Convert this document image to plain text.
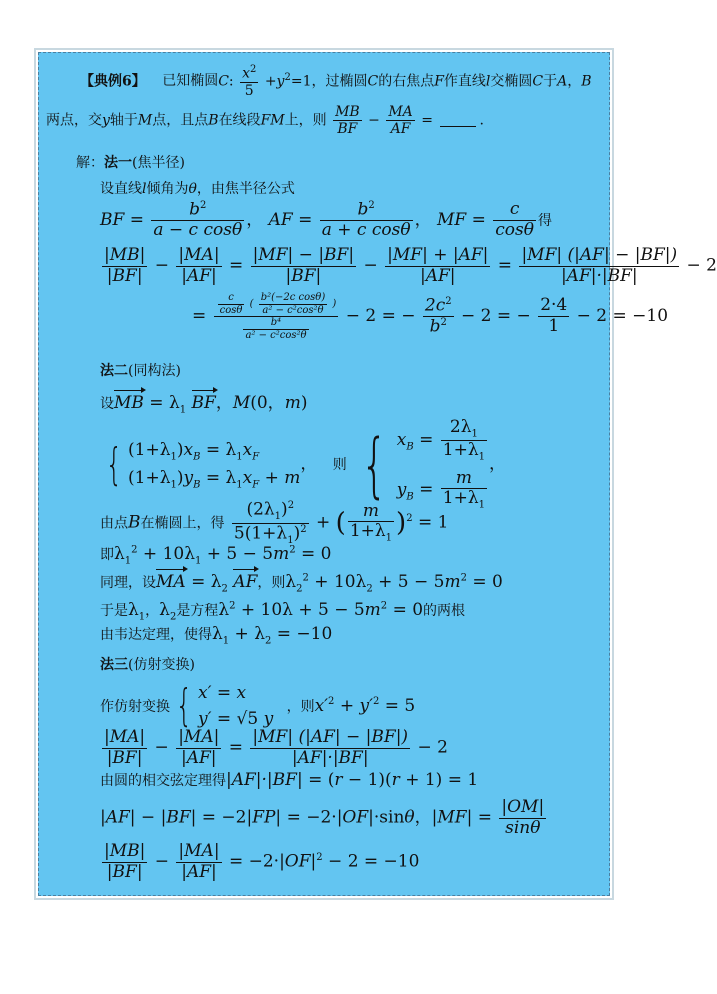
【典例6】 已知椭圆C: $\frac{x^2}{5} +y^2=1$，过椭圆C的右焦点F作直线l交椭圆C于A，B
两点，交y轴于M点，且点B在线段FM上，则 $\frac{MB}{BF} - \frac{MA}{AF}$ =	.
解：法一(焦半径)
设直线l倾角为θ，由焦半径公式
BF = $\frac{b^2}{\text{a − c cosθ}}$ ， AF = $\frac{b^2}{\text{a + c cosθ}}$ ， MF = $\frac{c}{\cos\theta}$ 得
$\frac{|MB|}{|BF|} - \frac{|MA|}{|AF|} = \frac{|MF| - |BF|}{|BF|} - \frac{|MF| + |AF|}{|AF|} = \frac{|MF| (|AF| - |BF|)}{|AF|\cdot|BF|} - 2$
= $\frac{\frac{c}{\cos\theta} ( \frac{\text{b²(−2c cosθ)}}{\text{a² − c²cos²θ}} )}{\frac{\text{b⁴}}{\text{a² − c²cos²θ}}} - 2$ = − $\frac{2c^2}{b^2} - 2$ = − $\frac{2\cdot 4}{1} - 2 = -10$
法二(同构法)
设MB = $\lambda_1$ BF，M(0，m)
{ $(1+\lambda_1)x_B = \lambda_1x_F$
$(1+\lambda_1)y_B = \lambda_1x_F + m$
， 则 { $x_B = \frac{2\lambda_1}{1+\lambda_1}$
$y_B = \frac{m}{1+\lambda_1}$
，
由点B在椭圆上，得 $\frac{(2\lambda_1)^2}{5(1+\lambda_1)^2}$ + ( $\frac{m}{1+\lambda_1} )^2 = 1$
即$\lambda_1^2 + 10\lambda_1 + 5 - 5m^2 = 0$
同理，设MA = $\lambda_2$ AF，则$\lambda_2^2 + 10\lambda_2 + 5 - 5m^2 = 0$
于是$\lambda_1$，$\lambda_2$是方程$\lambda^2 + 10\lambda + 5 - 5m^2 = 0$的两根
由韦达定理，使得$\lambda_1 + \lambda_2 = -10$
法三(仿射变换)
作仿射变换 { x′ = x
y′ = √5 y
，则$x'^2 + y'^2 = 5$
$\frac{|MA|}{|BF|} - \frac{|MA|}{|AF|} = \frac{|MF| (|AF| - |BF|)}{|AF|\cdot|BF|} - 2$
由圆的相交弦定理得|AF|·|BF| = (r − 1)(r + 1) = 1
|AF| − |BF| = −2|FP| = −2·|OF|·sinθ，$|MF| = \frac{|OM|}{\sin\theta}$
$\frac{|MB|}{|BF|} - \frac{|MA|}{|AF|} = -2\cdot|OF|^2 - 2 = -10$
